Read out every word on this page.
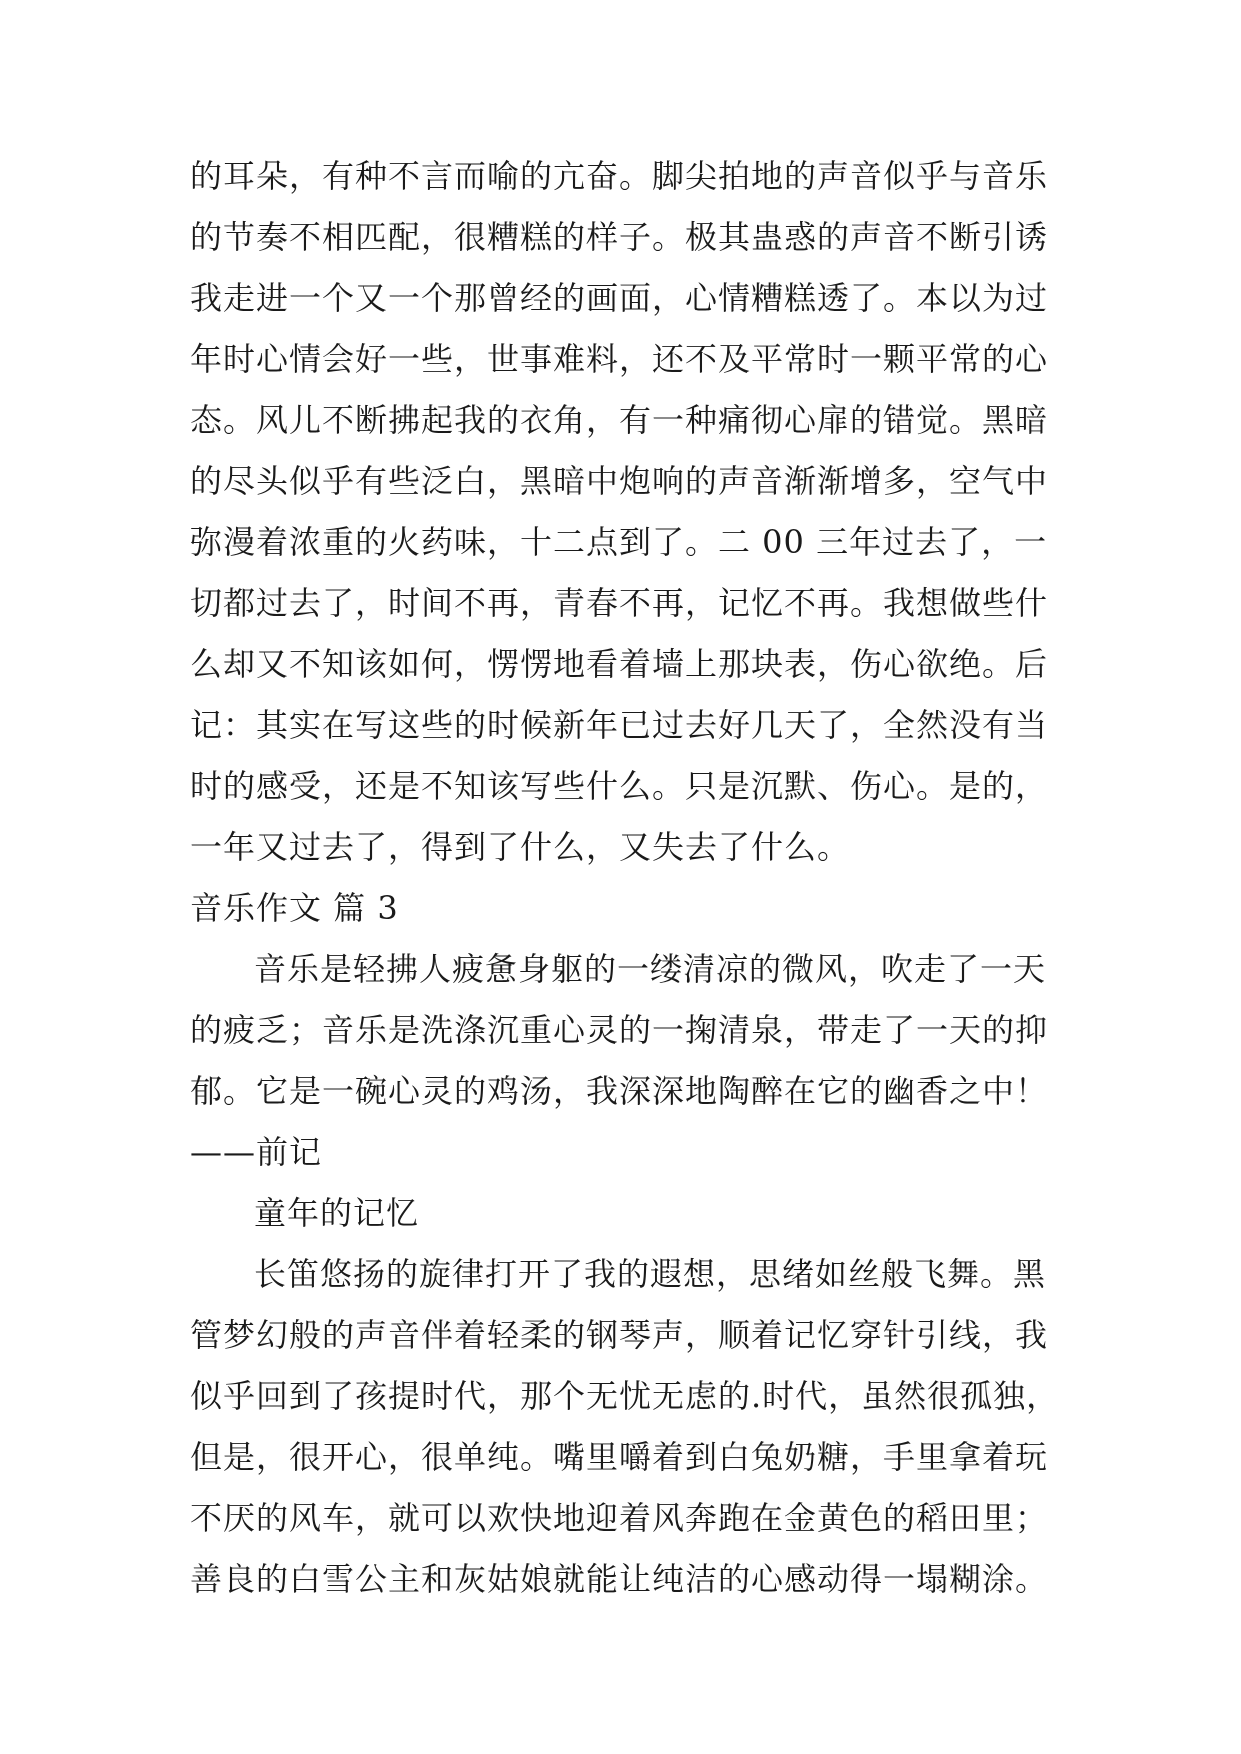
的耳朵，有种不言而喻的亢奋。脚尖拍地的声音似乎与音乐
的节奏不相匹配，很糟糕的样子。极其蛊惑的声音不断引诱
我走进一个又一个那曾经的画面，心情糟糕透了。本以为过
年时心情会好一些，世事难料，还不及平常时一颗平常的心
态。风儿不断拂起我的衣角，有一种痛彻心扉的错觉。黑暗
的尽头似乎有些泛白，黑暗中炮响的声音渐渐增多，空气中
弥漫着浓重的火药味，十二点到了。二 00 三年过去了，一
切都过去了，时间不再，青春不再，记忆不再。我想做些什
么却又不知该如何，愣愣地看着墙上那块表，伤心欲绝。后
记：其实在写这些的时候新年已过去好几天了，全然没有当
时的感受，还是不知该写些什么。只是沉默、伤心。是的，
一年又过去了，得到了什么，又失去了什么。
音乐作文 篇 3
音乐是轻拂人疲惫身躯的一缕清凉的微风，吹走了一天
的疲乏；音乐是洗涤沉重心灵的一掬清泉，带走了一天的抑
郁。它是一碗心灵的鸡汤，我深深地陶醉在它的幽香之中！
——前记
童年的记忆
长笛悠扬的旋律打开了我的遐想，思绪如丝般飞舞。黑
管梦幻般的声音伴着轻柔的钢琴声，顺着记忆穿针引线，我
似乎回到了孩提时代，那个无忧无虑的.时代，虽然很孤独，
但是，很开心，很单纯。嘴里嚼着到白兔奶糖，手里拿着玩
不厌的风车，就可以欢快地迎着风奔跑在金黄色的稻田里；
善良的白雪公主和灰姑娘就能让纯洁的心感动得一塌糊涂。
